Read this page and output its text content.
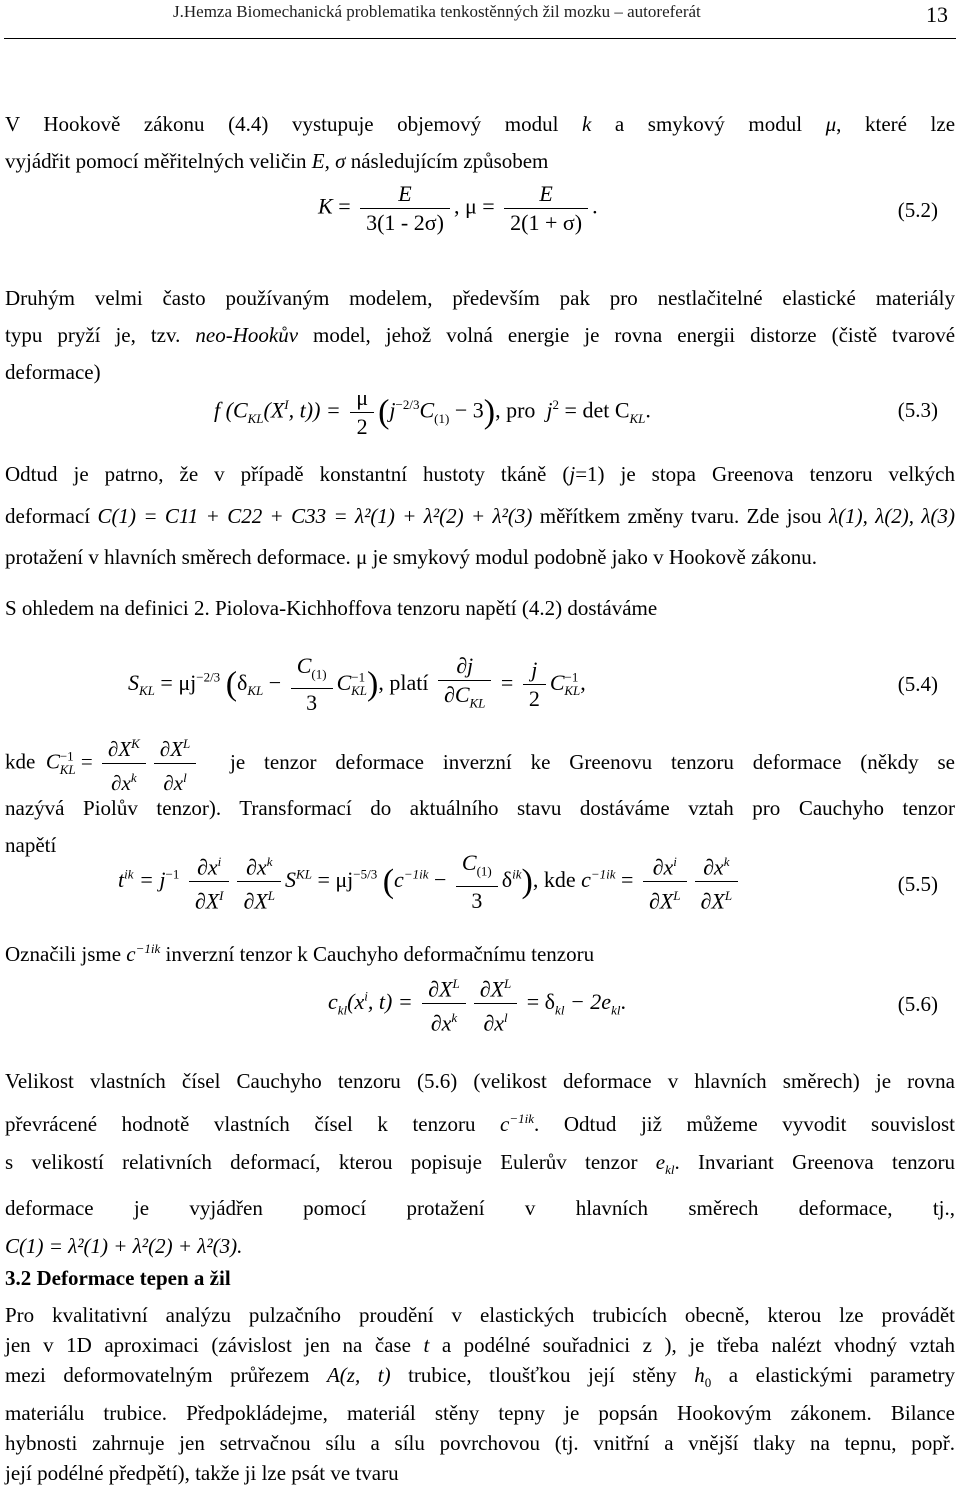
J.Hemza Biomechanická problematika tenkostěnných žil mozku – autoreferát	13
V Hookově zákonu (4.4) vystupuje objemový modul k a smykový modul μ, které lze
vyjádřit pomocí měřitelných veličin E, σ následujícím způsobem
$K = \frac{E}{3(1 - 2\sigma)}$ , $\mu = \frac{E}{2(1 + \sigma)}$ .	(5.2)
Druhým velmi často používaným modelem, především pak pro nestlačitelné elastické materiály
typu pryží je, tzv. neo-Hookův model, jehož volná energie je rovna energii distorze (čistě tvarové
deformace)
f ($C_{KL}(X^I$, $t)) = \frac{\mu}{2} (j^{-2/3}C_{(1)} - 3)$, pro $j^2 = \det C_{KL}$.	(5.3)
Odtud je patrno, že v případě konstantní hustoty tkáně (j=1) je stopa Greenova tenzoru velkých
deformací C(1) = C11 + C22 + C33 = λ²(1) + λ²(2) + λ²(3) měřítkem změny tvaru. Zde jsou λ(1), λ(2), λ(3)
protažení v hlavních směrech deformace. μ je smykový modul podobně jako v Hookově zákonu.
S ohledem na definici 2. Piolova-Kichhoffova tenzoru napětí (4.2) dostáváme
$S_{KL} = \mu j^{-2/3}$ $(\delta_{KL} - \frac{C_{(1)}}{3} C^{-1}_{KL})$, platí $\frac{\partial j}{\partial C_{KL}} = \frac{j}{2} C^{-1}_{KL}$,	(5.4)
kde $C^{-1}_{KL} = \frac{\partial X^K}{\partial x^k} \frac{\partial X^L}{\partial x^l}$ je tenzor deformace inverzní ke Greenovu tenzoru deformace (někdy se
nazývá Piolův tenzor). Transformací do aktuálního stavu dostáváme vztah pro Cauchyho tenzor
napětí
$t^{ik} = j^{-1} \frac{\partial x^i}{\partial X^I} \frac{\partial x^k}{\partial X^L} S^{KL} = \mu j^{-5/3}$ $(c^{-1ik} - \frac{C_{(1)}}{3} \delta^{ik})$, kde $c^{-1ik} = \frac{\partial x^i}{\partial X^L} \frac{\partial x^k}{\partial X^L}$	(5.5)
Označili jsme $c^{-1ik}$ inverzní tenzor k Cauchyho deformačnímu tenzoru
$c_{kl}(x^i$, $t) = \frac{\partial X^L}{\partial x^k} \frac{\partial X^L}{\partial x^l} = \delta_{kl} - 2e_{kl}$.	(5.6)
Velikost vlastních čísel Cauchyho tenzoru (5.6) (velikost deformace v hlavních směrech) je rovna
převrácené hodnotě vlastních čísel k tenzoru $c^{-1ik}$. Odtud již můžeme vyvodit souvislost
s velikostí relativních deformací, kterou popisuje Eulerův tenzor $e_{kl}$. Invariant Greenova tenzoru
deformace je vyjádřen pomocí protažení v hlavních směrech deformace, tj.,
C(1) = λ²(1) + λ²(2) + λ²(3).
3.2 Deformace tepen a žil
Pro kvalitativní analýzu pulzačního proudění v elastických trubicích obecně, kterou lze provádět
jen v 1D aproximaci (závislost jen na čase t a podélné souřadnici z ), je třeba nalézt vhodný vztah
mezi deformovatelným průřezem A(z, t) trubice, tloušťkou její stěny $h_0$ a elastickými parametry
materiálu trubice. Předpokládejme, materiál stěny tepny je popsán Hookovým zákonem. Bilance
hybnosti zahrnuje jen setrvačnou sílu a sílu povrchovou (tj. vnitřní a vnější tlaky na tepnu, popř.
její podélné předpětí), takže ji lze psát ve tvaru
